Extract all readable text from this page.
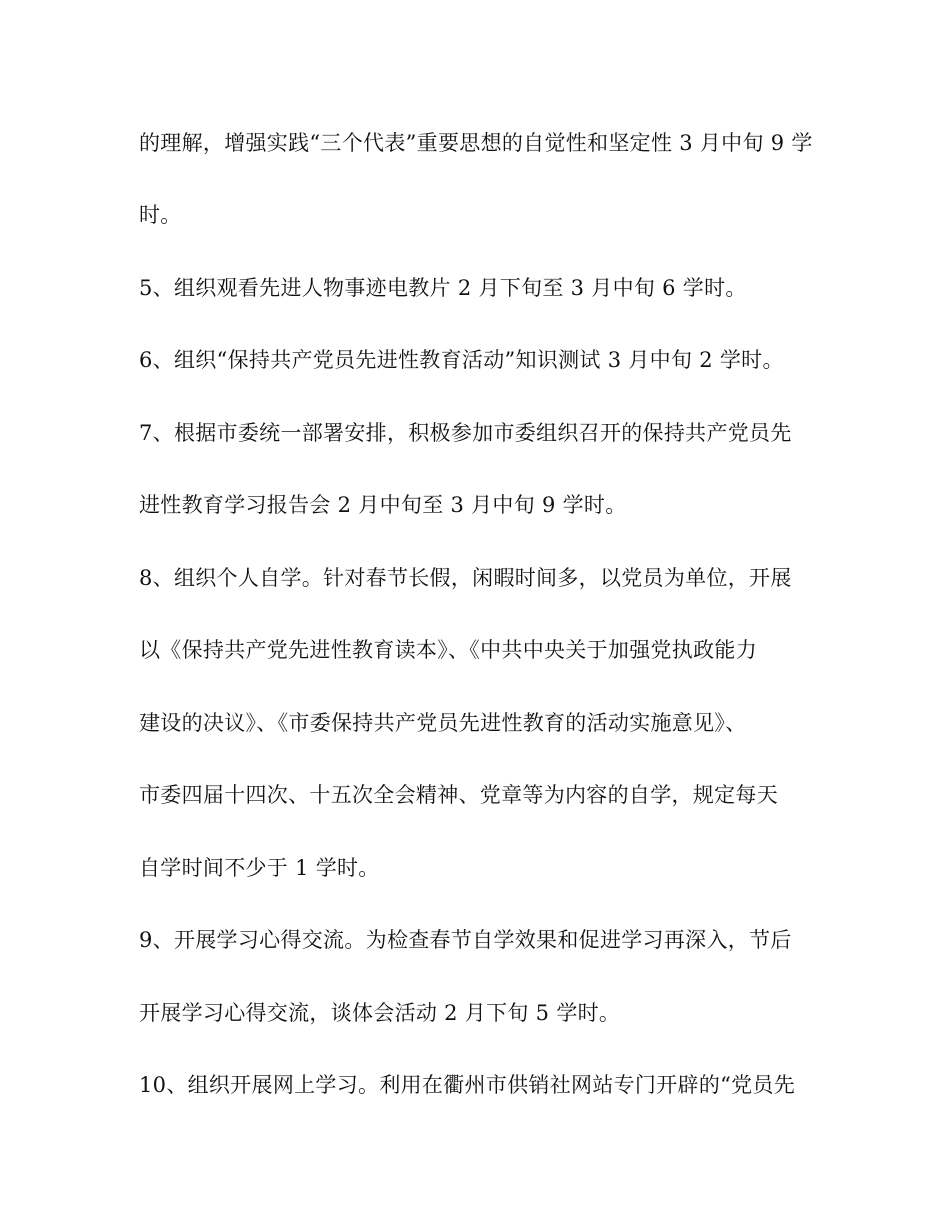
的理解，增强实践“三个代表”重要思想的自觉性和坚定性 3 月中旬 9 学
时。
5、组织观看先进人物事迹电教片 2 月下旬至 3 月中旬 6 学时。
6、组织“保持共产党员先进性教育活动”知识测试 3 月中旬 2 学时。
7、根据市委统一部署安排，积极参加市委组织召开的保持共产党员先
进性教育学习报告会 2 月中旬至 3 月中旬 9 学时。
8、组织个人自学。针对春节长假，闲暇时间多，以党员为单位，开展
以《保持共产党先进性教育读本》、《中共中央关于加强党执政能力
建设的决议》、《市委保持共产党员先进性教育的活动实施意见》、
市委四届十四次、十五次全会精神、党章等为内容的自学，规定每天
自学时间不少于 1 学时。
9、开展学习心得交流。为检查春节自学效果和促进学习再深入，节后
开展学习心得交流，谈体会活动 2 月下旬 5 学时。
10、组织开展网上学习。利用在衢州市供销社网站专门开辟的“党员先
